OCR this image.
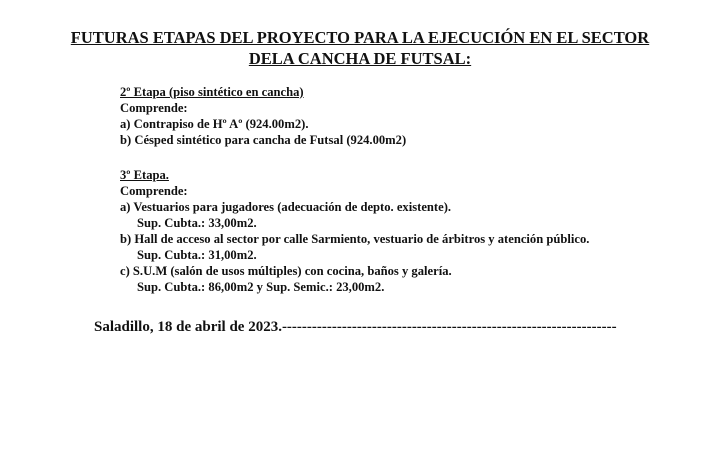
FUTURAS ETAPAS DEL PROYECTO PARA LA EJECUCIÓN EN EL SECTOR
DELA CANCHA DE FUTSAL:
2º Etapa (piso sintético en cancha)
Comprende:
a) Contrapiso de Hº Aº (924.00m2).
b) Césped sintético para cancha de Futsal (924.00m2)
3º Etapa.
Comprende:
a) Vestuarios para jugadores (adecuación de depto. existente).
Sup. Cubta.: 33,00m2.
b) Hall de acceso al sector por calle Sarmiento, vestuario de árbitros y atención público.
Sup. Cubta.: 31,00m2.
c) S.U.M (salón de usos múltiples) con cocina, baños y galería.
Sup. Cubta.: 86,00m2 y Sup. Semic.: 23,00m2.
Saladillo, 18 de abril de 2023.-------------------------------------------------------------------
